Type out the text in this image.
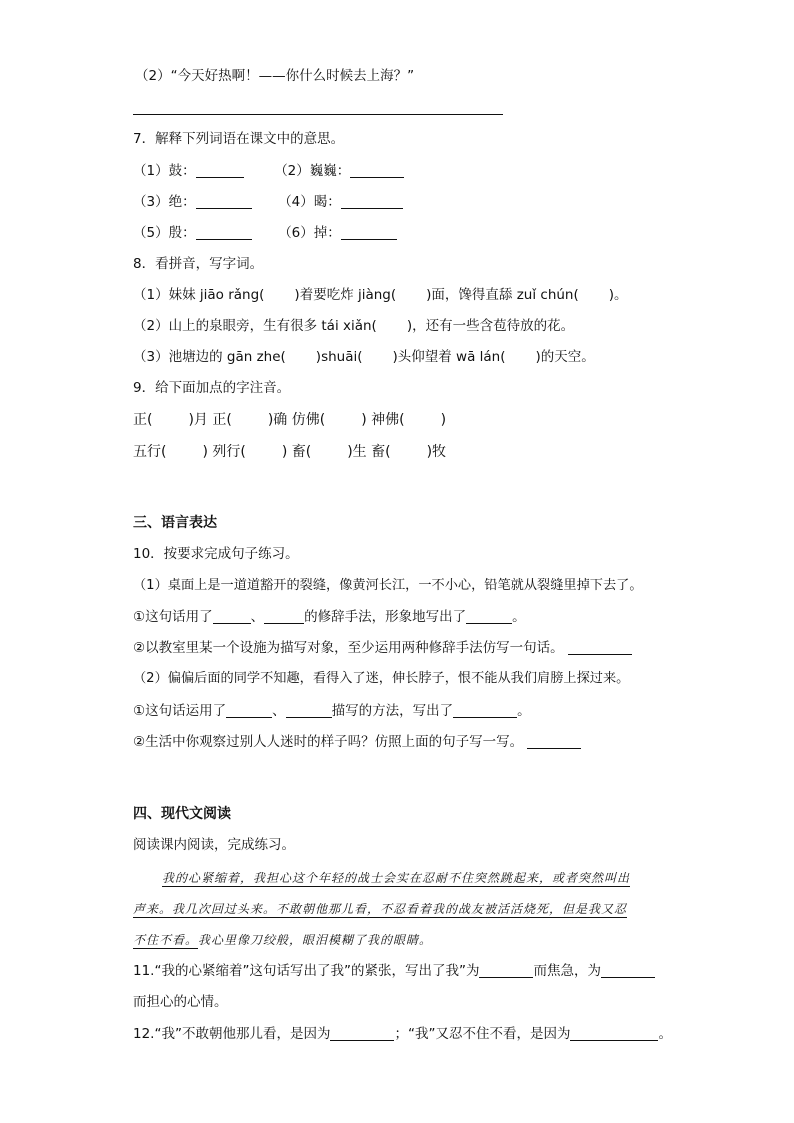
（2）“今天好热啊！——你什么时候去上海？”
7．解释下列词语在课文中的意思。
（1）鼓：	（2）巍巍：
（3）绝：	（4）暍：
（5）殷：	（6）掉：
8．看拼音，写字词。
（1）妹妹 jiāo rǎng( )着要吃炸 jiàng( )面，馋得直舔 zuǐ chún( )。
（2）山上的泉眼旁，生有很多 tái xiǎn( )，还有一些含苞待放的花。
（3）池塘边的 gān zhe( )shuāi( )头仰望着 wā lán( )的天空。
9．给下面加点的字注音。
正(	)月 正(	)确 仿佛(	) 神佛(	)
五行(	) 列行(	) 畜(	)生 畜(	)牧
三、语言表达
10．按要求完成句子练习。
（1）桌面上是一道道豁开的裂缝，像黄河长江，一不小心，铅笔就从裂缝里掉下去了。
①这句话用了	、	的修辞手法，形象地写出了	。
②以教室里某一个设施为描写对象，至少运用两种修辞手法仿写一句话。
（2）偏偏后面的同学不知趣，看得入了迷，伸长脖子，恨不能从我们肩膀上探过来。
①这句话运用了	、	描写的方法，写出了	。
②生活中你观察过别人人迷时的样子吗？仿照上面的句子写一写。
四、现代文阅读
阅读课内阅读，完成练习。
我的心紧缩着，我担心这个年轻的战士会实在忍耐不住突然跳起来，或者突然叫出
声来。我几次回过头来。不敢朝他那儿看，不忍看着我的战友被活活烧死，但是我又忍
不住不看。我心里像刀绞般，眼泪模糊了我的眼睛。
11.“我的心紧缩着”这句话写出了我”的紧张，写出了我”为	而焦急，为
而担心的心情。
12.“我”不敢朝他那儿看，是因为	；“我”又忍不住不看，是因为	。
